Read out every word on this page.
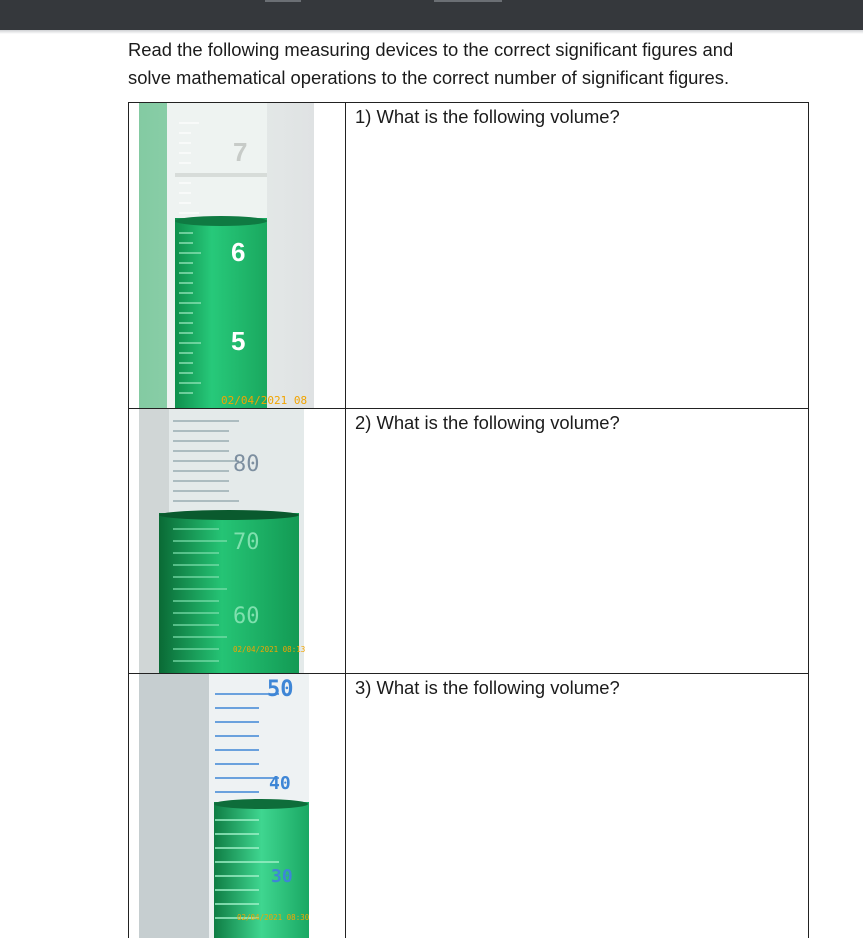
Read the following measuring devices to the correct significant figures and
solve mathematical operations to the correct number of significant figures.
7
6
5
02/04/2021 08
1) What is the following volume?
80
70
60
02/04/2021 08:13
2) What is the following volume?
50
40
30
02/04/2021 08:30
3) What is the following volume?
